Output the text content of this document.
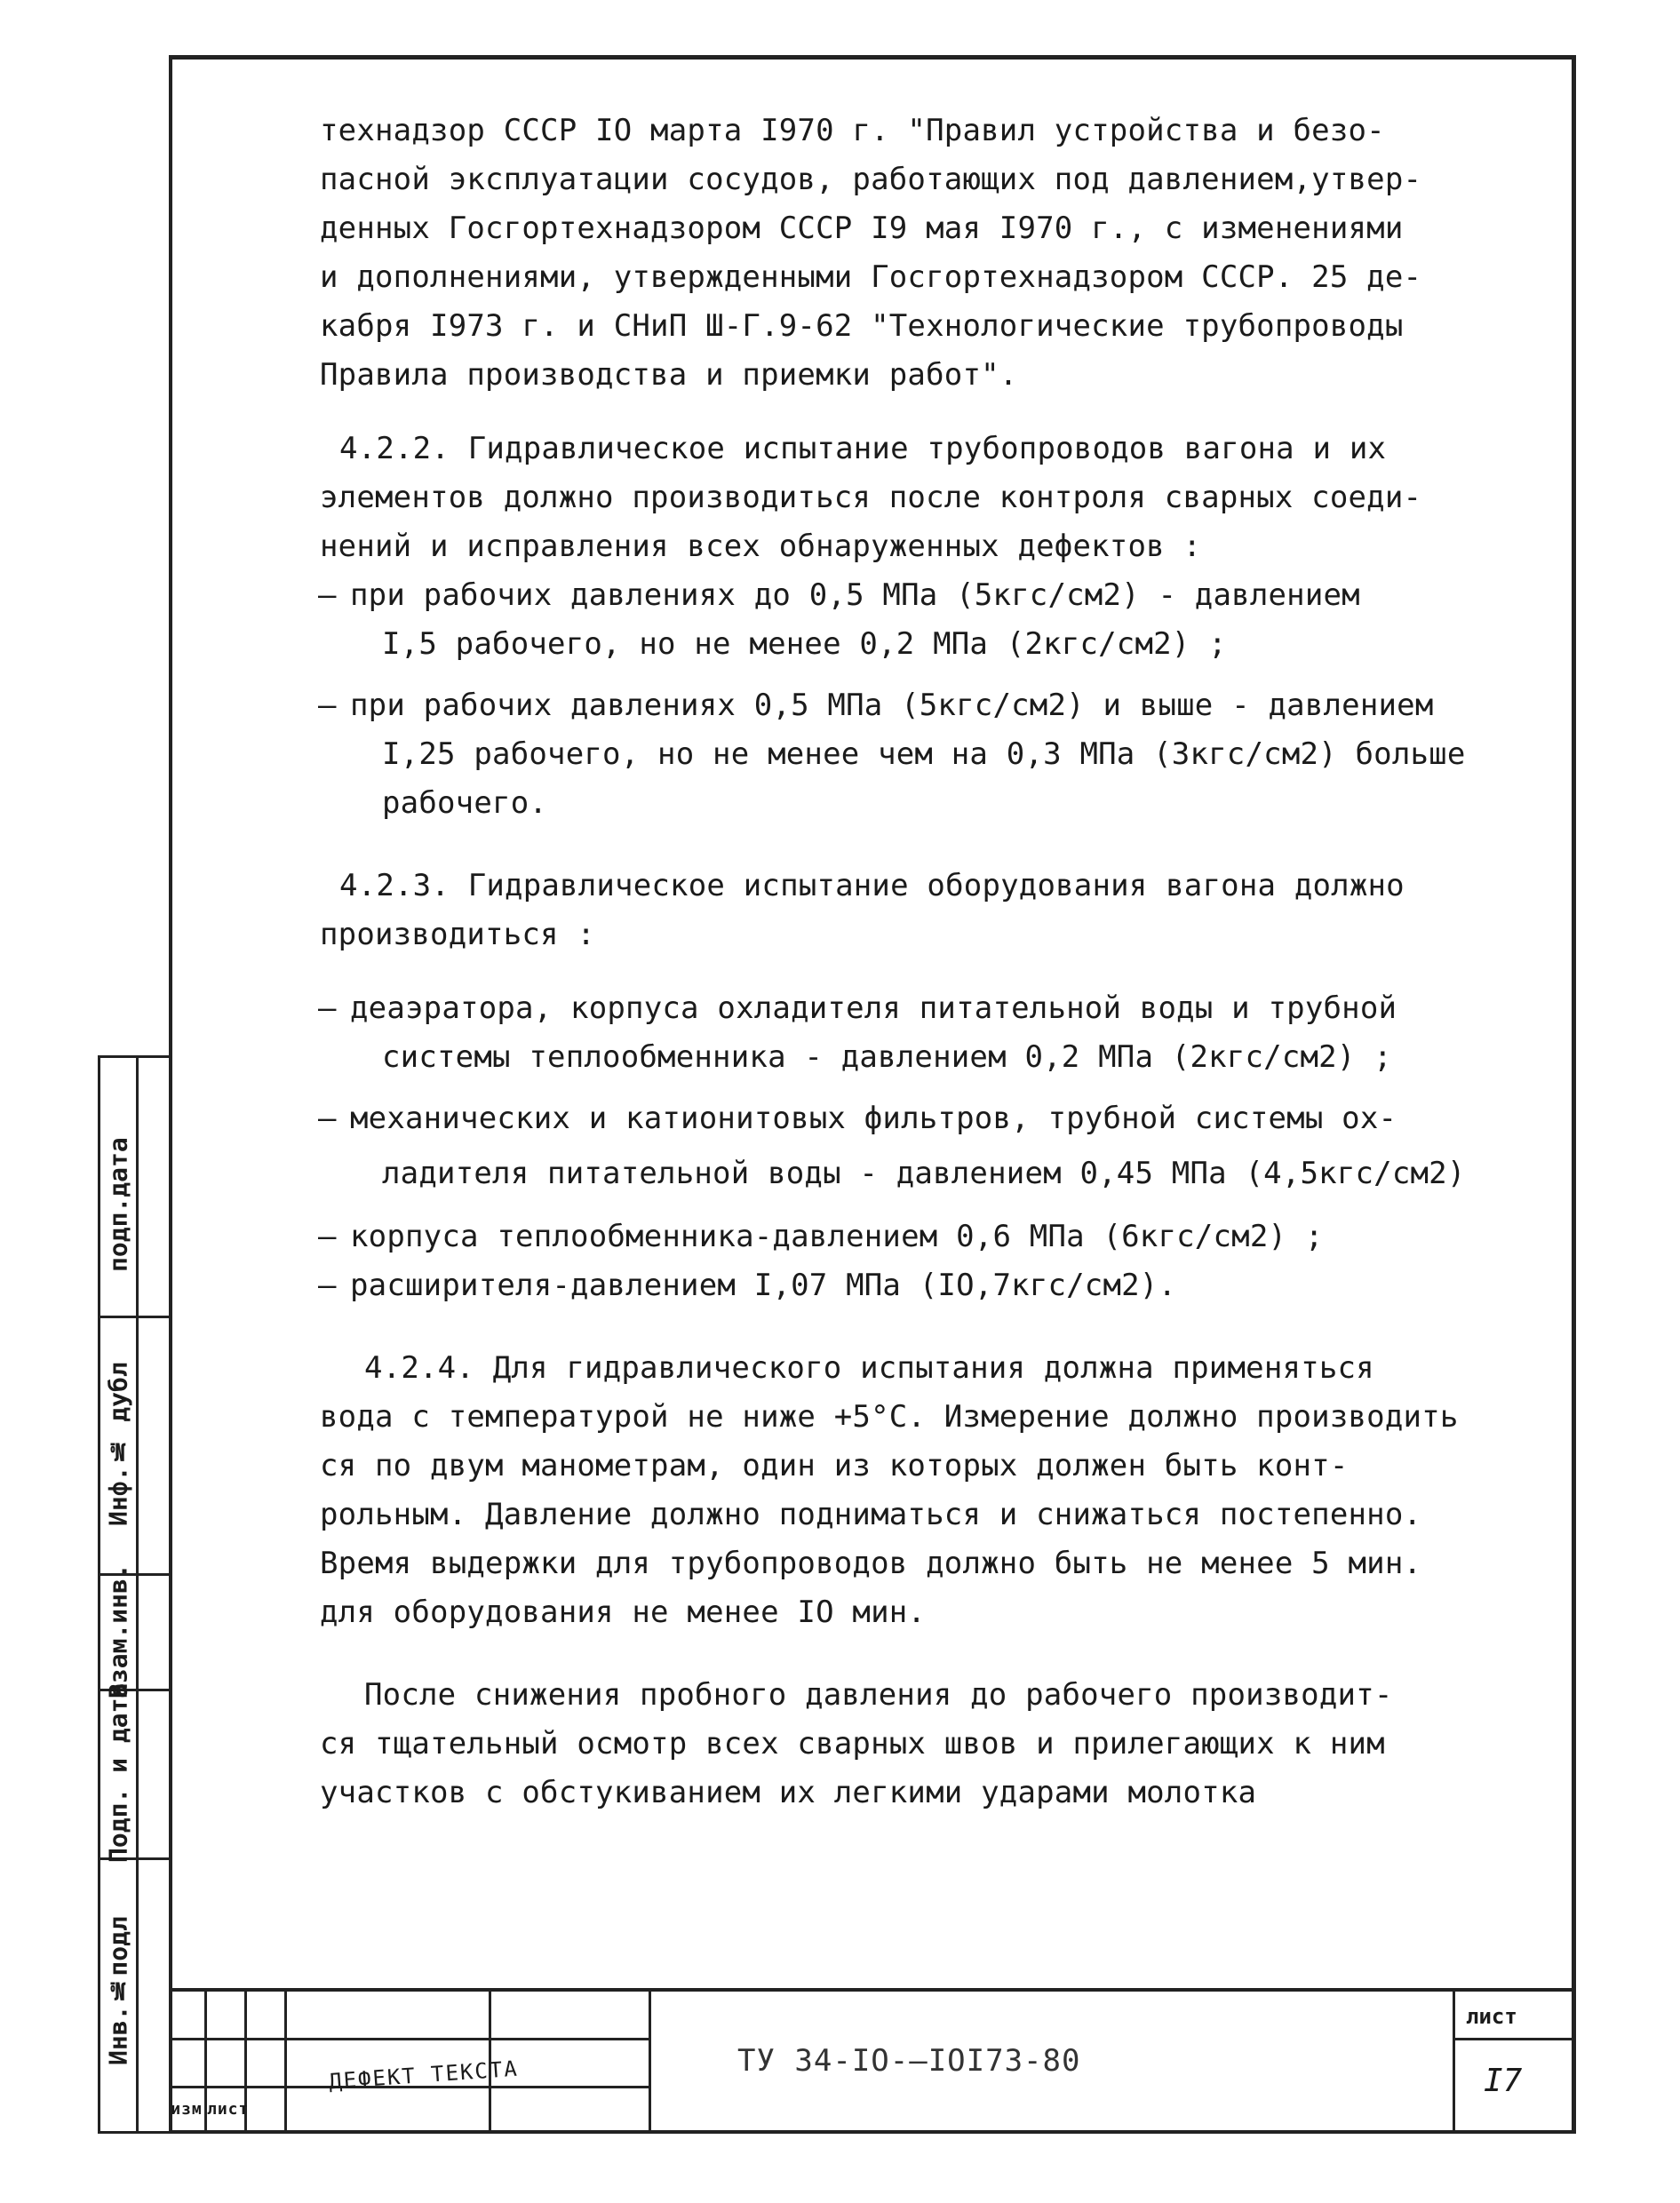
технадзор СССР IO марта I970 г. "Правил устройства и безо-

пасной эксплуатации сосудов, работающих под давлением,утвер-

денных Госгортехнадзором СССР I9 мая I970 г., с изменениями

и дополнениями, утвержденными Госгортехнадзором СССР. 25 де-

кабря I973 г. и СНиП Ш-Г.9-62 "Технологические трубопроводы

Правила производства и приемки работ".

4.2.2. Гидравлическое испытание трубопроводов вагона и их

элементов должно производиться после контроля сварных соеди-

нений и исправления всех обнаруженных дефектов :

– при рабочих давлениях до 0,5 МПа (5кгс/см2) - давлением

I,5 рабочего, но не менее 0,2 МПа (2кгс/см2) ;

– при рабочих давлениях 0,5 МПа (5кгс/см2) и выше - давлением

I,25 рабочего, но не менее чем на 0,3 МПа (3кгс/см2) больше

рабочего.

4.2.3. Гидравлическое испытание оборудования вагона должно

производиться :

– деаэратора, корпуса охладителя питательной воды и трубной

системы теплообменника - давлением 0,2 МПа (2кгс/см2) ;

– механических и катионитовых фильтров, трубной системы ох-

ладителя питательной воды - давлением 0,45 МПа (4,5кгс/см2)

– корпуса теплообменника-давлением 0,6 МПа (6кгс/см2) ;

– расширителя-давлением I,07 МПа (IO,7кгс/см2).

4.2.4. Для гидравлического испытания должна применяться

вода с температурой не ниже +5°С. Измерение должно производить

ся по двум манометрам, один из которых должен быть конт-

рольным. Давление должно подниматься и снижаться постепенно.

Время выдержки для трубопроводов должно быть не менее 5 мин.

для оборудования не менее IO мин.

После снижения пробного давления до рабочего производит-

ся тщательный осмотр всех сварных швов и прилегающих к ним

участков с обстукиванием их легкими ударами молотка

подп.дата
Инф.№ дубл
Взам.инв.
Подп. и дата
Инв.№подл
изм лист
ДЕФЕКТ ТЕКСТА	ТУ 34-IO-—IOI73-80
лист
I7
